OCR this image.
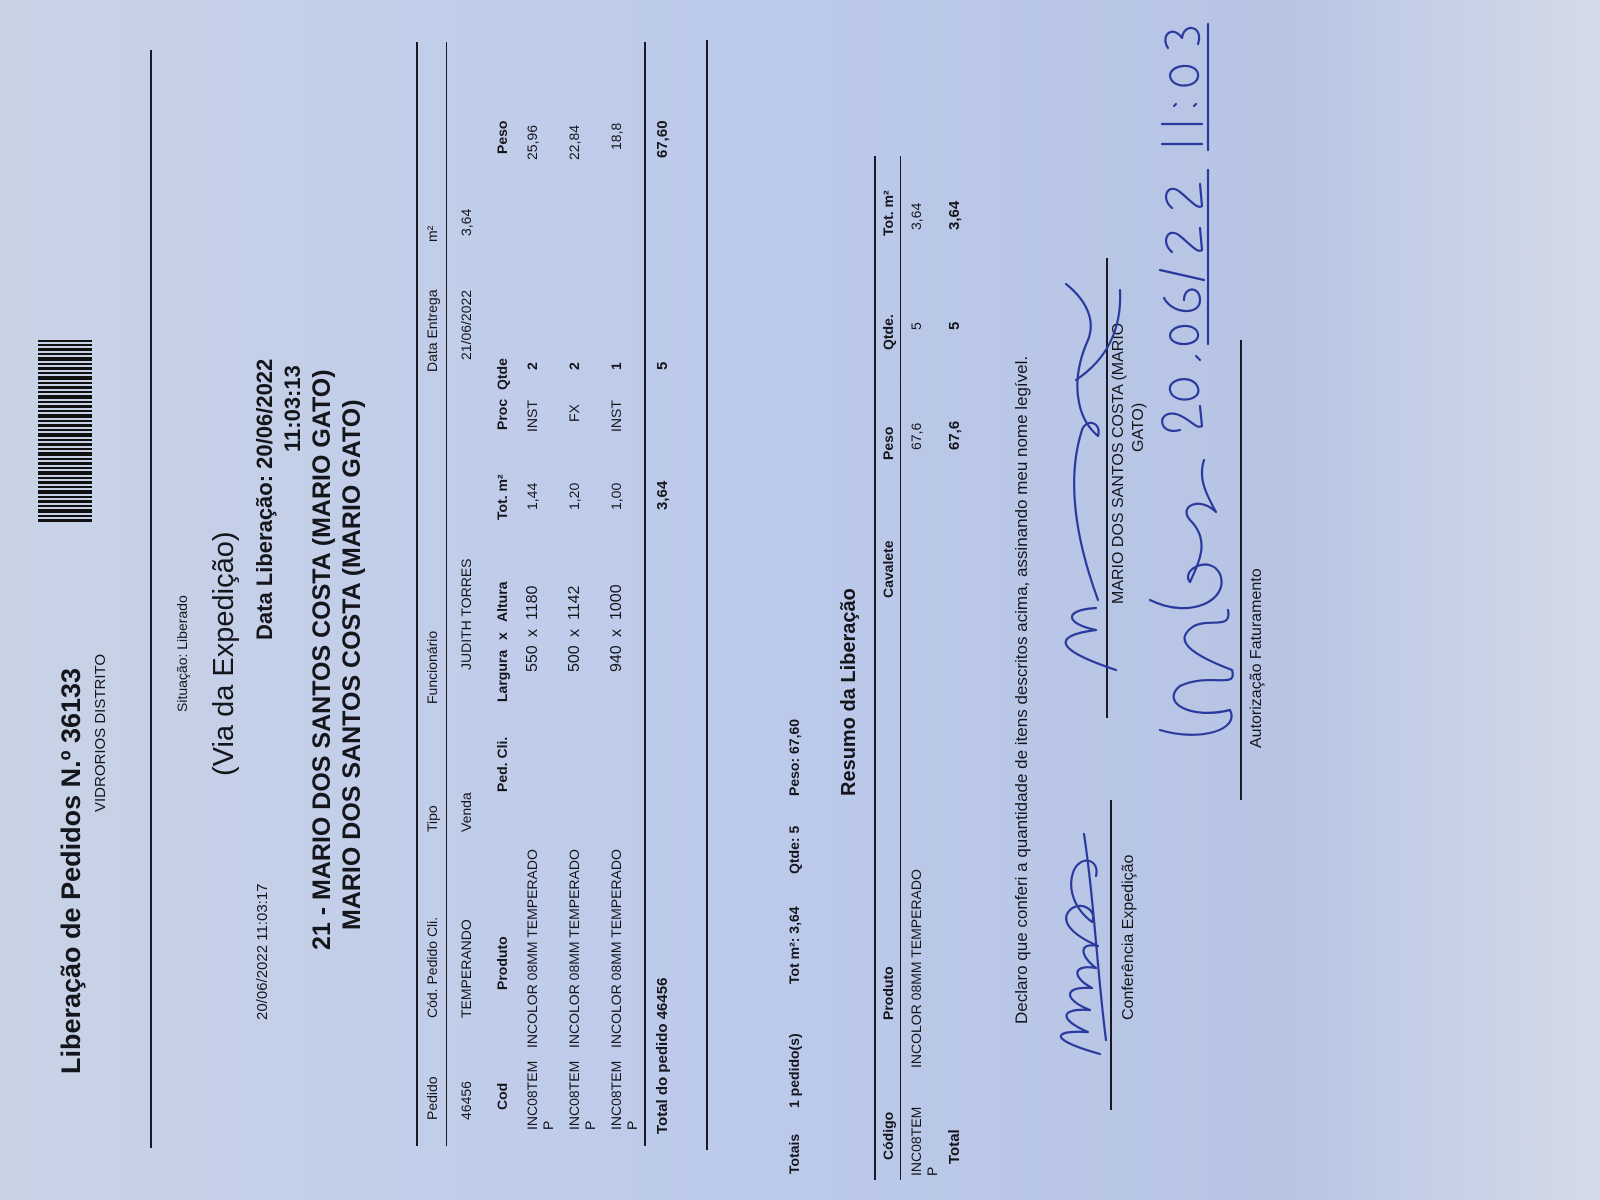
Liberação de Pedidos N.º 36133 VIDRORIOS DISTRITO
20/06/2022 11:03:17
Situação: Liberado (Via da Expedição)
Data Liberação: 20/06/2022 11:03:13 21 - MARIO DOS SANTOS COSTA (MARIO GATO) MARIO DOS SANTOS COSTA (MARIO GATO)
Pedido
Cód. Pedido Cli.
Tipo
Funcionário
Data Entrega
m²
46456
TEMPERANDO
Venda
JUDITH TORRES
21/06/2022
3,64
Cod
Produto
Ped. Cli.
Largura
x
Altura
Tot. m²
Proc
Qtde
Peso
INC08TEM P
INCOLOR 08MM TEMPERADO
550
x
1180
1,44
INST
2
25,96
INC08TEM P
INCOLOR 08MM TEMPERADO
500
x
1142
1,20
FX
2
22,84
INC08TEM P
INCOLOR 08MM TEMPERADO
940
x
1000
1,00
INST
1
18,8
Total do pedido 46456
3,64
5
67,60
Totais
1 pedido(s)
Tot m²: 3,64
Qtde: 5
Peso: 67,60 Resumo da Liberação
Código
Produto
Cavalete
Peso
Qtde.
Tot. m²
INC08TEM P
INCOLOR 08MM TEMPERADO
67,6
5
3,64
Total
67,6
5
3,64
Declaro que conferi a quantidade de itens descritos acima, assinando meu nome legível.	Conferência Expedição
MARIO DOS SANTOS COSTA (MARIO GATO)
Autorização Faturamento
